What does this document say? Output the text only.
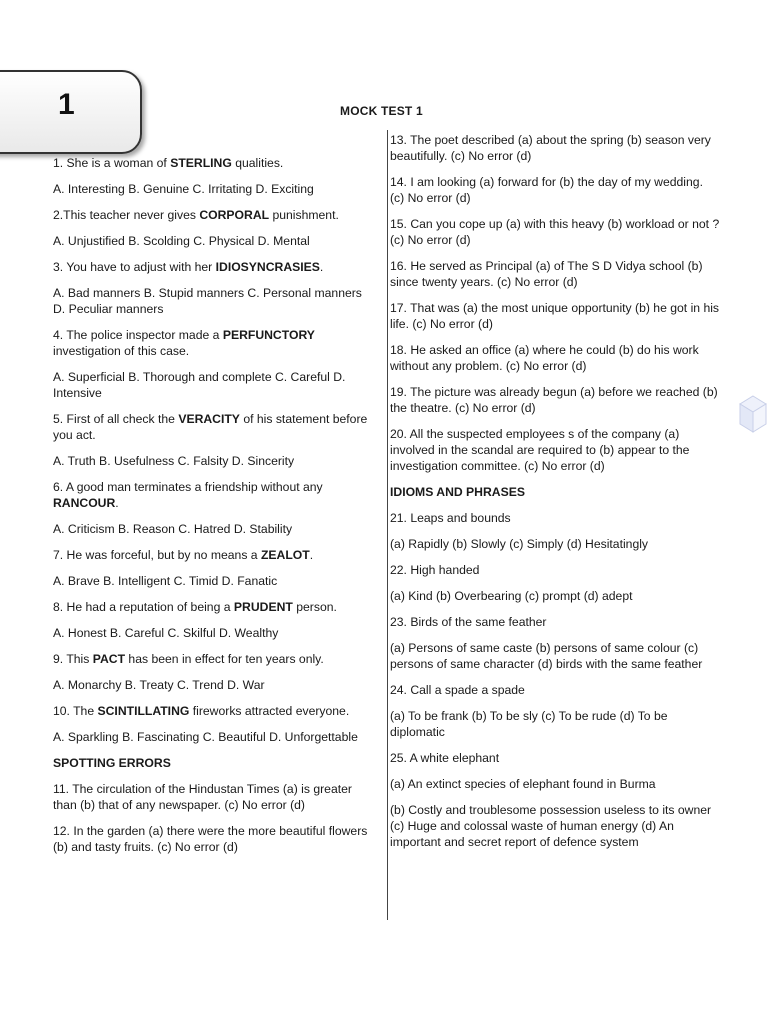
1	MOCK TEST 1

1. She is a woman of STERLING qualities.

A. Interesting B. Genuine C. Irritating D. Exciting

2.This teacher never gives CORPORAL punishment.

A. Unjustified B. Scolding C. Physical D. Mental

3. You have to adjust with her IDIOSYNCRASIES.

A. Bad manners B. Stupid manners C. Personal manners D. Peculiar manners

4. The police inspector made a PERFUNCTORY investigation of this case.

A. Superficial B. Thorough and complete C. Careful D. Intensive

5. First of all check the VERACITY of his statement before you act.

A. Truth B. Usefulness C. Falsity D. Sincerity

6. A good man terminates a friendship without any RANCOUR.

A. Criticism B. Reason C. Hatred D. Stability

7. He was forceful, but by no means a ZEALOT.

A. Brave B. Intelligent C. Timid D. Fanatic

8. He had a reputation of being a PRUDENT person.

A. Honest B. Careful C. Skilful D. Wealthy

9. This PACT has been in effect for ten years only.

A. Monarchy B. Treaty C. Trend D. War

10. The SCINTILLATING fireworks attracted everyone.

A. Sparkling B. Fascinating C. Beautiful D. Unforgettable

SPOTTING ERRORS

11. The circulation of the Hindustan Times (a) is greater than (b) that of any newspaper. (c) No error (d)

12. In the garden (a) there were the more beautiful flowers (b) and tasty fruits. (c) No error (d)

13. The poet described (a) about the spring (b) season very beautifully. (c) No error (d)

14. I am looking (a) forward for (b) the day of my wedding. (c) No error (d)

15. Can you cope up (a) with this heavy (b) workload or not ? (c) No error (d)

16. He served as Principal (a) of The S D Vidya school (b) since twenty years. (c) No error (d)

17. That was (a) the most unique opportunity (b) he got in his life. (c) No error (d)

18. He asked an office (a) where he could (b) do his work without any problem. (c) No error (d)

19. The picture was already begun (a) before we reached (b) the theatre. (c) No error (d)

20. All the suspected employees s of the company (a) involved in the scandal are required to (b) appear to the investigation committee. (c) No error (d)

IDIOMS AND PHRASES

21. Leaps and bounds

(a) Rapidly (b) Slowly (c) Simply (d) Hesitatingly

22. High handed

(a) Kind (b) Overbearing (c) prompt (d) adept

23. Birds of the same feather

(a) Persons of same caste (b) persons of same colour (c) persons of same character (d) birds with the same feather

24. Call a spade a spade

(a) To be frank (b) To be sly (c) To be rude (d) To be diplomatic

25. A white elephant

(a) An extinct species of elephant found in Burma

(b) Costly and troublesome possession useless to its owner (c) Huge and colossal waste of human energy (d) An important and secret report of defence system
